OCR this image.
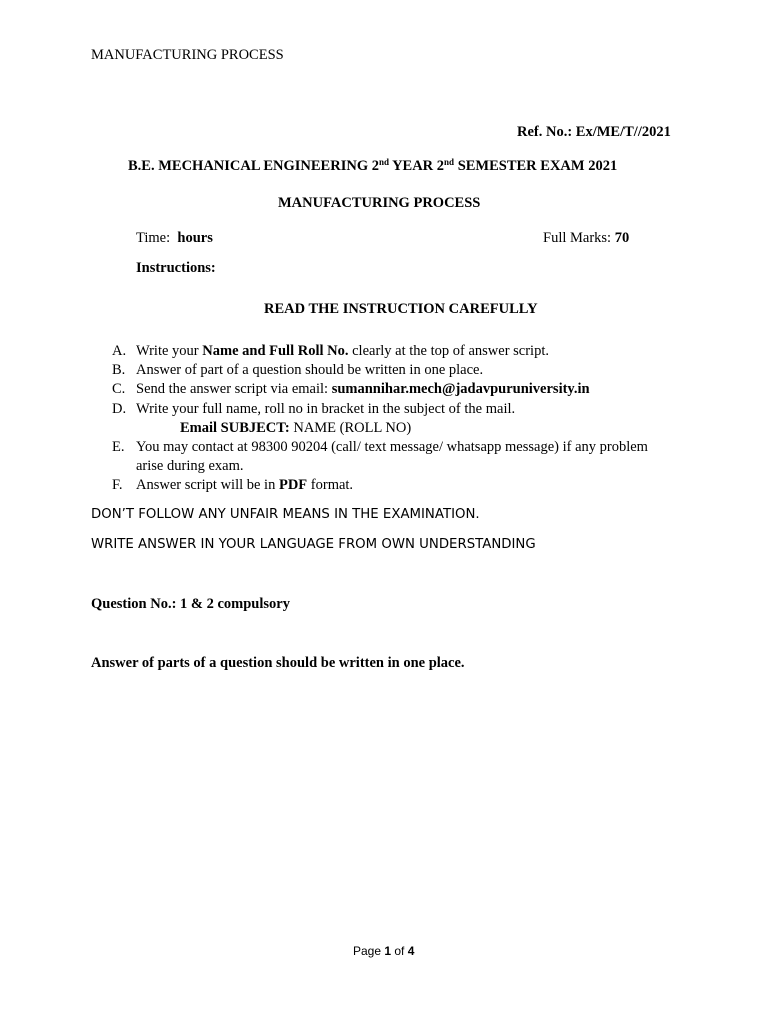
MANUFACTURING PROCESS
Ref. No.: Ex/ME/T//2021
B.E. MECHANICAL ENGINEERING 2nd YEAR 2nd SEMESTER EXAM 2021
MANUFACTURING PROCESS
Time: hours	Full Marks: 70
Instructions:
READ THE INSTRUCTION CAREFULLY
A. Write your Name and Full Roll No. clearly at the top of answer script.
B. Answer of part of a question should be written in one place.
C. Send the answer script via email: sumannihar.mech@jadavpuruniversity.in
D. Write your full name, roll no in bracket in the subject of the mail.
Email SUBJECT: NAME (ROLL NO)
E. You may contact at 98300 90204 (call/ text message/ whatsapp message) if any problem
arise during exam.
F. Answer script will be in PDF format.
DON’T FOLLOW ANY UNFAIR MEANS IN THE EXAMINATION.
WRITE ANSWER IN YOUR LANGUAGE FROM OWN UNDERSTANDING
Question No.: 1 & 2 compulsory
Answer of parts of a question should be written in one place.
Page 1 of 4
